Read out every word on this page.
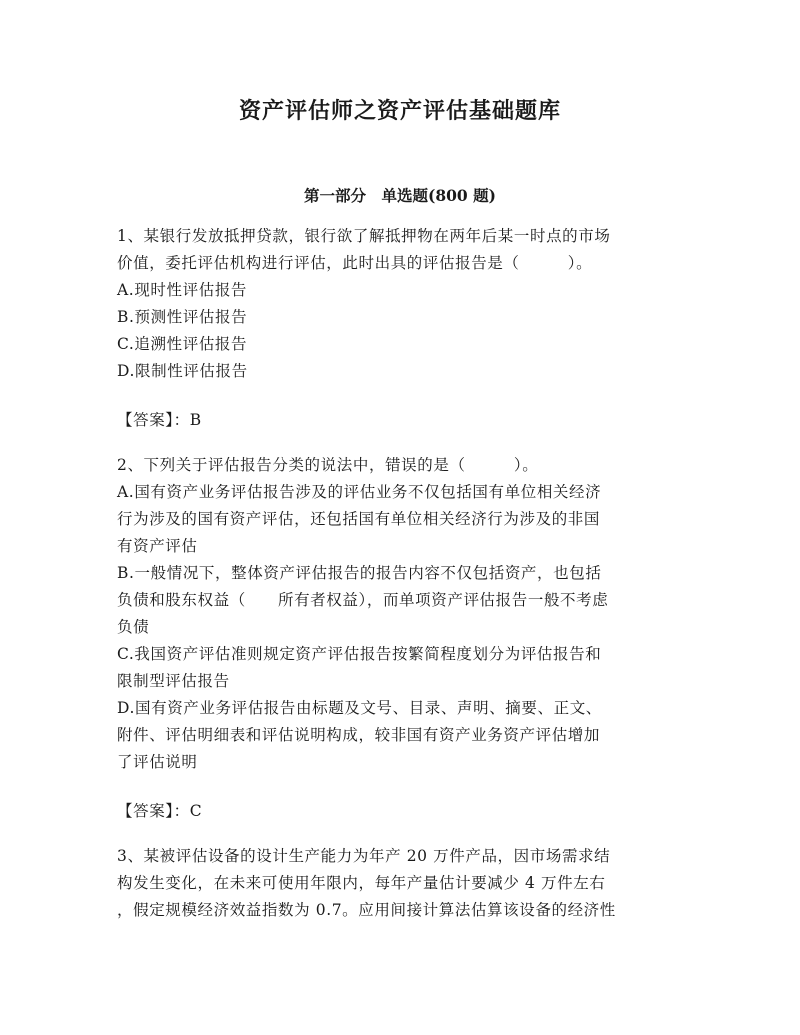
资产评估师之资产评估基础题库
第一部分　单选题(800 题)
1、某银行发放抵押贷款，银行欲了解抵押物在两年后某一时点的市场
价值，委托评估机构进行评估，此时出具的评估报告是（　　　）。
A.现时性评估报告
B.预测性评估报告
C.追溯性评估报告
D.限制性评估报告
【答案】：B
2、下列关于评估报告分类的说法中，错误的是（　　　）。
A.国有资产业务评估报告涉及的评估业务不仅包括国有单位相关经济
行为涉及的国有资产评估，还包括国有单位相关经济行为涉及的非国
有资产评估
B.一般情况下，整体资产评估报告的报告内容不仅包括资产，也包括
负债和股东权益（　　所有者权益），而单项资产评估报告一般不考虑
负债
C.我国资产评估准则规定资产评估报告按繁简程度划分为评估报告和
限制型评估报告
D.国有资产业务评估报告由标题及文号、目录、声明、摘要、正文、
附件、评估明细表和评估说明构成，较非国有资产业务资产评估增加
了评估说明
【答案】：C
3、某被评估设备的设计生产能力为年产 20 万件产品，因市场需求结
构发生变化，在未来可使用年限内，每年产量估计要减少 4 万件左右
，假定规模经济效益指数为 0.7。应用间接计算法估算该设备的经济性
